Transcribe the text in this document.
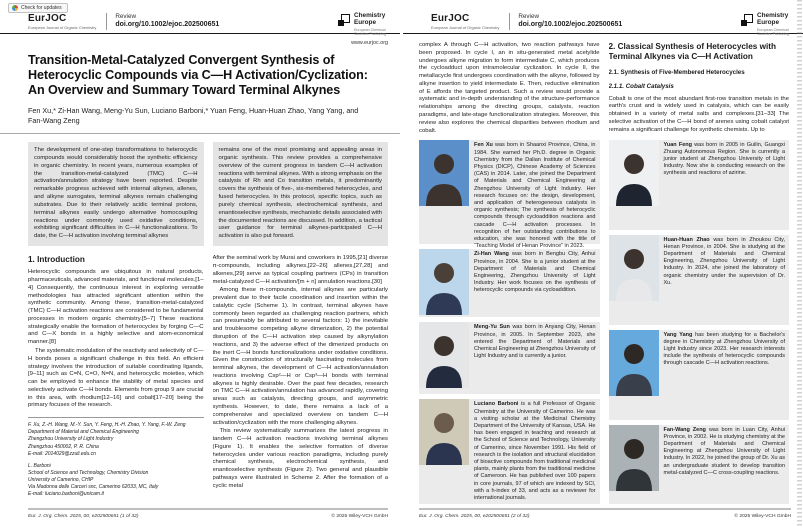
Check for updates
EurJOC
European Journal of Organic Chemistry
Review
doi.org/10.1002/ejoc.202500651
Chemistry Europe
European Chemical Societies Publishing
www.eurjoc.org
Transition-Metal-Catalyzed Convergent Synthesis of Heterocyclic Compounds via C—H Activation/Cyclization: An Overview and Summary Toward Terminal Alkynes
Fen Xu,* Zi-Han Wang, Meng-Yu Sun, Luciano Barboni,* Yuan Feng, Huan-Huan Zhao, Yang Yang, and Fan-Wang Zeng
The development of one-step transformations to heterocyclic compounds would considerably boost the synthetic efficiency in organic chemistry. In recent years, numerous examples of the transition-metal-catalyzed (TMC) C—H activation/annulation strategy have been reported. Despite remarkable progress achieved with internal alkynes, allenes, and alkyne surrogates, terminal alkynes remain challenging substrates. Due to their relatively acidic terminal protons, terminal alkynes easily undergo alternative homocoupling reactions under commonly used oxidative conditions, exhibiting significant difficulties in C—H functionalizations. To date, the C—H activation involving terminal alkynes
remains one of the most promising and appealing areas in organic synthesis. This review provides a comprehensive overview of the current progress in tandem C—H activation reactions with terminal alkynes. With a strong emphasis on the catalysis of Rh and Co transition metals, it predominantly covers the synthesis of five-, six-membered heterocycles, and fused heterocycles. In this protocol, specific topics, such as purely chemical synthesis, electrochemical synthesis, and enantioselective synthesis, mechanistic details associated with the documented reactions are discussed. In addition, a tactical user guidance for terminal alkynes-participated C—H activation is also put forward.
1. Introduction
Heterocyclic compounds are ubiquitous in natural products, pharmaceuticals, advanced materials, and functional molecules.[1–4] Consequently, the continuous interest in exploring versatile methodologies has attracted significant attention within the synthetic community. Among these, transition-metal-catalyzed (TMC) C—H activation reactions are considered to be fundamental processes in modern organic chemistry.[5–7] These reactions strategically enable the formation of heterocycles by forging C—C and C—X bonds in a highly selective and atom-economical manner.[8]
The systematic modulation of the reactivity and selectivity of C—H bonds poses a significant challenge in this field. An efficient strategy involves the introduction of suitable coordinating ligands,[9–11] such as C=N, C=O, N=N, and heterocyclic moieties, which can be employed to enhance the stability of metal species and selectively activate C—H bonds. Elements from group 9 are crucial in this area, with rhodium[12–16] and cobalt[17–20] being the primary focuses of the research.
F. Xu, Z.-H. Wang, M.-Y. Sun, Y. Feng, H.-H. Zhao, Y. Yang, F.-W. Zeng
Department of Material and Chemical Engineering
Zhengzhou University of Light Industry
Zhengzhou 450002, P. R. China
E-mail: 2014029@zzuli.edu.cn
L. Barboni
School of Science and Technology, Chemistry Division
University of Camerino, CHIP
Via Madonna delle Carceri snc, Camerino 62033, MC, Italy
E-mail: luciano.barboni@unicam.it
After the seminal work by Murai and coworkers in 1995,[21] diverse π-compounds, including alkynes,[22–26] allenes,[27,28] and alkenes,[29] serve as typical coupling partners (CPs) in transition metal-catalyzed C—H activation/[m + n] annulation reactions.[30]
Among these π-compounds, internal alkynes are particularly prevalent due to their facile coordination and insertion within the catalytic cycle (Scheme 1). In contrast, terminal alkynes have commonly been regarded as challenging reaction partners, which can presumably be attributed to several factors: 1) the inevitable and troublesome competing alkyne dimerization, 2) the potential disruption of the C—H activation step caused by alkynylation reactions, and 3) the adverse effect of the dimerized products on the inert C—H bonds functionalizations under oxidative conditions. Given the construction of structurally fascinating molecules from terminal alkynes, the development of C—H activation/annulation reactions involving Csp²—H or Csp³—H bonds with terminal alkynes is highly desirable. Over the past few decades, research on TMC C—H activation/annulation has advanced rapidly, covering areas such as catalysis, directing groups, and asymmetric synthesis. However, to date, there remains a lack of a comprehensive and specialized overview on tandem C—H activation/cyclization with the more challenging alkynes.
This review systematically summarizes the latest progress in tandem C—H activation reactions involving terminal alkynes (Figure 1). It enables the selective formation of diverse heterocycles under various reaction paradigms, including purely chemical synthesis, electrochemical synthesis, and enantioselective synthesis (Figure 2). Two general and plausible pathways were illustrated in Scheme 2. After the formation of a cyclic metal
Eur. J. Org. Chem. 2025, 00, e202500651 (1 of 32)	© 2025 Wiley-VCH GmbH
EurJOC
European Journal of Organic Chemistry
Review
doi.org/10.1002/ejoc.202500651
Chemistry Europe
European Chemical Societies Publishing
complex A through C—H activation, two reaction pathways have been proposed. In cycle I, an in situ-generated metal acetylide undergoes alkyne migration to form intermediate C, which produces the cycloadduct upon intramolecular cyclization. In cycle II, the metallacycle first undergoes coordination with the alkyne, followed by alkyne insertion to yield intermediate E. Then, reductive elimination of E affords the targeted product. Such a review would provide a systematic and in-depth understanding of the structure-performance relationships among the directing groups, catalysts, reaction paradigms, and late-stage functionalization strategies. Moreover, this review also explores the chemical disparities between rhodium and cobalt.
Fen Xu was born in Shaanxi Province, China, in 1984. She earned her Ph.D. degree in Organic Chemistry from the Dalian Institute of Chemical Physics (DICP), Chinese Academy of Sciences (CAS) in 2014. Later, she joined the Department of Materials and Chemical Engineering at Zhengzhou University of Light Industry. Her research focuses on: the design, development, and application of heterogeneous catalysts in organic synthesis; The synthesis of heterocyclic compounds through cycloaddition reactions and cascade C—H activation processes. In recognition of her outstanding contributions to education, she was honored with the title of “Teaching Model of Henan Province” in 2023.
Zi-Han Wang was born in Bengbu City, Anhui Province, in 2004. She is a junior student at the Department of Materials and Chemical Engineering, Zhengzhou University of Light Industry. Her work focuses on the synthesis of heterocyclic compounds via cycloaddition.
Meng-Yu Sun was born in Anyang City, Henan Province, in 2005. In September 2023, she entered the Department of Materials and Chemical Engineering at Zhengzhou University of Light Industry and is currently a junior.
Luciano Barboni is a full Professor of Organic Chemistry at the University of Camerino. He was a visiting scholar at the Medicinal Chemistry Department of the University of Kansas, USA. He has been engaged in teaching and research at the School of Science and Technology, University of Camerino, since November 1991. His field of research is the isolation and structural elucidation of bioactive compounds from traditional medicinal plants, mainly plants from the traditional medicine of Cameroon. He has published over 100 papers in core journals, 97 of which are indexed by SCI, with a h-index of 33, and acts as a reviewer for international journals.
2. Classical Synthesis of Heterocycles with Terminal Alkynes via C—H Activation
2.1. Synthesis of Five-Membered Heterocycles
2.1.1. Cobalt Catalysis
Cobalt is one of the most abundant first-row transition metals in the earth's crust and is widely used in catalysis, which can be easily obtained in a variety of metal salts and complexes.[31–33] The selective activation of the C—H bond of arenes using cobalt catalyst remains a significant challenge for synthetic chemists. Up to
Yuan Feng was born in 2005 in Guilin, Guangxi Zhuang Autonomous Region. She is currently a junior student at Zhengzhou University of Light Industry. Now she is conducting research on the synthesis and reactions of azirine.
Huan-Huan Zhao was born in Zhoukou City, Henan Province, in 2004. She is studying at the Department of Materials and Chemical Engineering, Zhengzhou University of Light Industry. In 2024, she joined the laboratory of organic chemistry under the supervision of Dr. Xu.
Yang Yang has been studying for a Bachelor's degree in Chemistry at Zhengzhou University of Light Industry since 2023. Her research interests include the synthesis of heterocyclic compounds through cascade C—H activation reactions.
Fan-Wang Zeng was born in Luan City, Anhui Province, in 2002. He is studying chemistry at the Department of Materials and Chemical Engineering at Zhengzhou University of Light Industry. In 2022, he joined the group of Dr. Xu as an undergraduate student to develop transition metal-catalyzed C—C cross-coupling reactions.
Eur. J. Org. Chem. 2025, 00, e202500651 (2 of 32)	© 2025 Wiley-VCH GmbH
